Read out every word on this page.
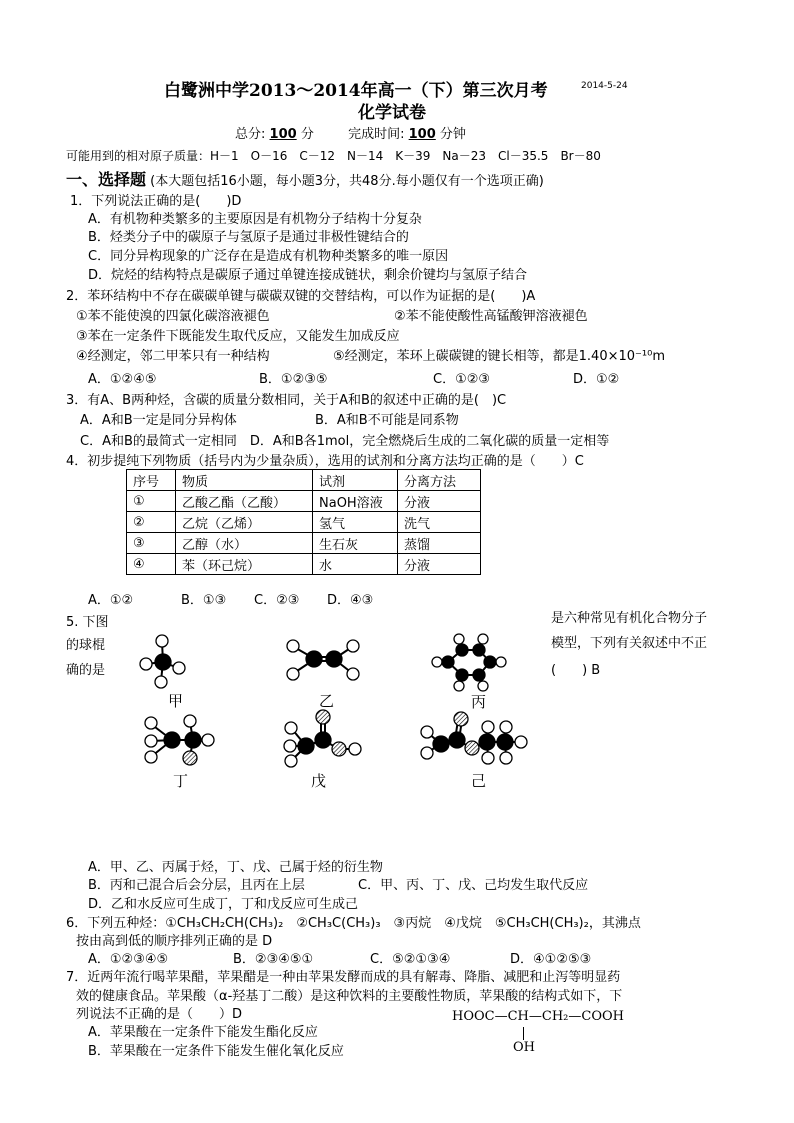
白鹭洲中学2013～2014年高一（下）第三次月考	2014-5-24
化学试卷
总分: 100 分	完成时间: 100 分钟
可能用到的相对原子质量：H－1　O－16　C－12　N－14　K－39　Na－23　Cl－35.5　Br－80
一、选择题 (本大题包括16小题，每小题3分，共48分.每小题仅有一个选项正确)
1．下列说法正确的是(　　)D
A．有机物种类繁多的主要原因是有机物分子结构十分复杂
B．烃类分子中的碳原子与氢原子是通过非极性键结合的
C．同分异构现象的广泛存在是造成有机物种类繁多的唯一原因
D．烷烃的结构特点是碳原子通过单键连接成链状，剩余价键均与氢原子结合
2．苯环结构中不存在碳碳单键与碳碳双键的交替结构，可以作为证据的是(　　)A
①苯不能使溴的四氯化碳溶液褪色	②苯不能使酸性高锰酸钾溶液褪色
③苯在一定条件下既能发生取代反应，又能发生加成反应
④经测定，邻二甲苯只有一种结构	⑤经测定，苯环上碳碳键的键长相等，都是1.40×10⁻¹⁰m
A．①②④⑤	B．①②③⑤	C．①②③	D．①②
3．有A、B两种烃，含碳的质量分数相同，关于A和B的叙述中正确的是(　)C
A．A和B一定是同分异构体	B．A和B不可能是同系物
C．A和B的最简式一定相同　D．A和B各1mol，完全燃烧后生成的二氧化碳的质量一定相等
4．初步提纯下列物质（括号内为少量杂质），选用的试剂和分离方法均正确的是（　　）C
序号	物质	试剂	分离方法
①	乙酸乙酯（乙酸）	NaOH溶液	分液
②	乙烷（乙烯）	氢气	洗气
③	乙醇（水）	生石灰	蒸馏
④	苯（环己烷）	水	分液
A．①②	B．①③ C．②③ D．④③
5. 下图
的球棍
确的是
是六种常见有机化合物分子
模型，下列有关叙述中不正
(　　) B
甲	乙	丙
丁	戊	己
A．甲、乙、丙属于烃，丁、戊、己属于烃的衍生物
B．丙和己混合后会分层，且丙在上层	C．甲、丙、丁、戊、己均发生取代反应
D．乙和水反应可生成丁，丁和戊反应可生成己
6．下列五种烃：①CH₃CH₂CH(CH₃)₂　②CH₃C(CH₃)₃　③丙烷　④戊烷　⑤CH₃CH(CH₃)₂，其沸点
按由高到低的顺序排列正确的是 D
A．①②③④⑤	B．②③④⑤①	C．⑤②①③④	D．④①②⑤③
7．近两年流行喝苹果醋，苹果醋是一种由苹果发酵而成的具有解毒、降脂、减肥和止泻等明显药
效的健康食品。苹果酸（α-羟基丁二酸）是这种饮料的主要酸性物质，苹果酸的结构式如下，下
列说法不正确的是（　　）D
A．苹果酸在一定条件下能发生酯化反应
B．苹果酸在一定条件下能发生催化氧化反应
HOOC—CH—CH₂—COOH
OH
